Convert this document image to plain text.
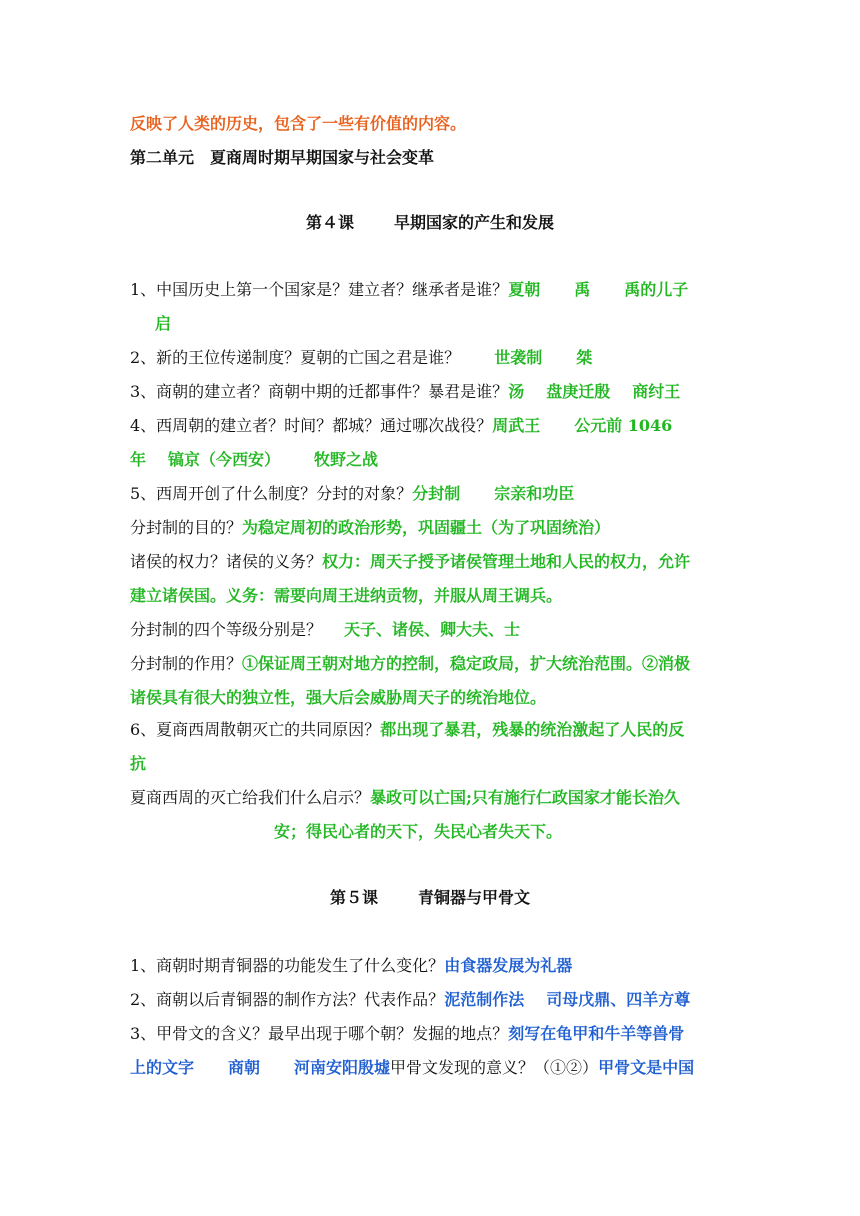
反映了人类的历史，包含了一些有价值的内容。
第二单元　夏商周时期早期国家与社会变革
第４课	早期国家的产生和发展
1、中国历史上第一个国家是？建立者？继承者是谁？夏朝 禹 禹的儿子
启
2、新的王位传递制度？夏朝的亡国之君是谁？ 世袭制 桀
3、商朝的建立者？商朝中期的迁都事件？暴君是谁？汤 盘庚迁殷 商纣王
4、西周朝的建立者？时间？都城？通过哪次战役？周武王 公元前 1046
年 镐京（今西安） 牧野之战
5、西周开创了什么制度？分封的对象？分封制 宗亲和功臣
分封制的目的？为稳定周初的政治形势，巩固疆土（为了巩固统治）
诸侯的权力？诸侯的义务？权力：周天子授予诸侯管理土地和人民的权力，允许
建立诸侯国。义务：需要向周王进纳贡物，并服从周王调兵。
分封制的四个等级分别是？ 天子、诸侯、卿大夫、士
分封制的作用？①保证周王朝对地方的控制，稳定政局，扩大统治范围。②消极
诸侯具有很大的独立性，强大后会威胁周天子的统治地位。
6、夏商西周散朝灭亡的共同原因？都出现了暴君，残暴的统治激起了人民的反
抗
夏商西周的灭亡给我们什么启示？暴政可以亡国;只有施行仁政国家才能长治久
安；得民心者的天下，失民心者失天下。
第５课	青铜器与甲骨文
1、商朝时期青铜器的功能发生了什么变化？由食器发展为礼器
2、商朝以后青铜器的制作方法？代表作品？泥范制作法 司母戊鼎、四羊方尊
3、甲骨文的含义？最早出现于哪个朝？发掘的地点？刻写在龟甲和牛羊等兽骨
上的文字 商朝 河南安阳殷墟甲骨文发现的意义？（①②）甲骨文是中国
